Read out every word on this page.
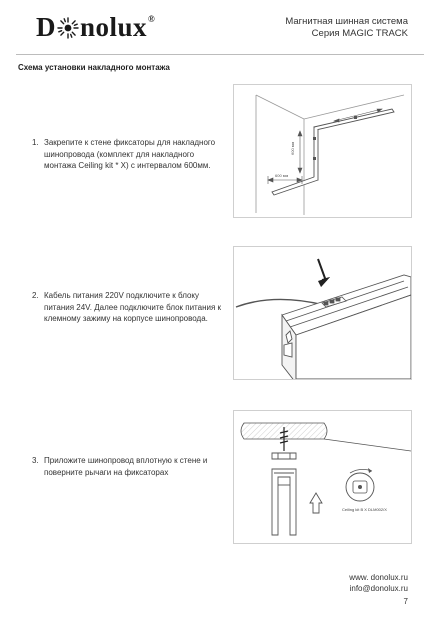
D nolux ®	Магнитная шинная система
Серия MAGIC TRACK
Схема установки накладного монтажа
1. Закрепите к стене фиксаторы для накладного шинопровода (комплект для накладного монтажа Ceiling kit * X) с интервалом 600мм.
600 мм
600 мм
2. Кабель питания 220V подключите к блоку питания 24V. Далее подключите блок питания к клемному зажиму на корпусе шинопровода.
3. Приложите шинопровод вплотную к стене и поверните рычаги на фиксаторах
Ceiling kit B X DLM002/X
www. donolux.ru
info@donolux.ru
7
